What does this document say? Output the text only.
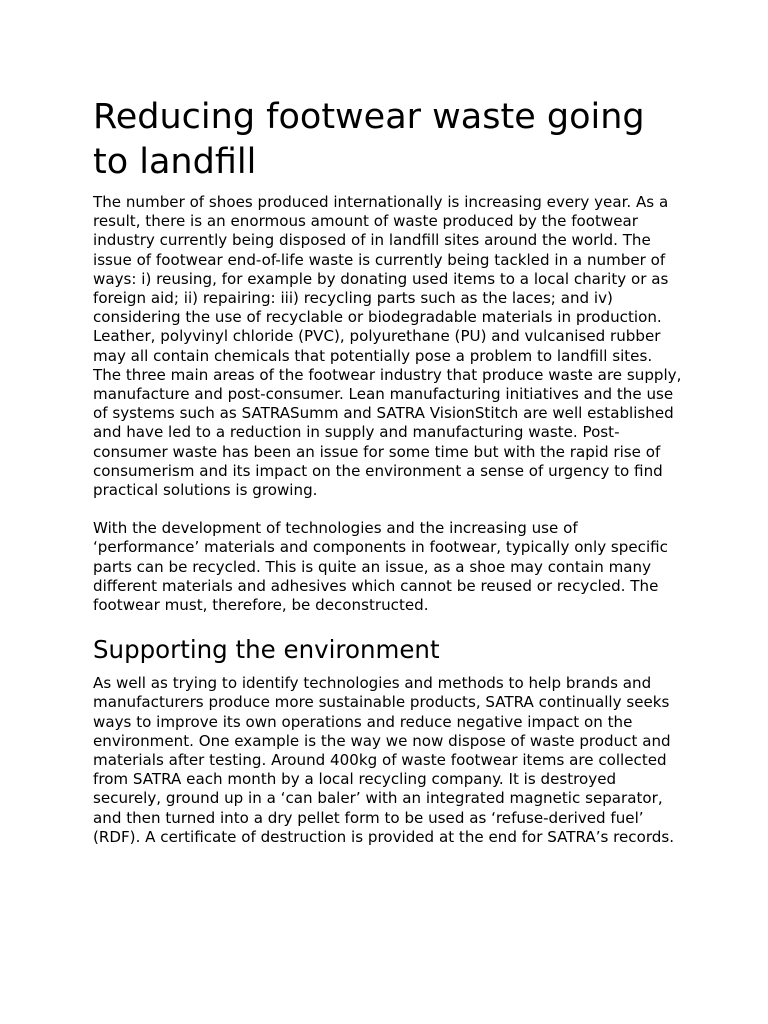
Reducing footwear waste going to landfill

The number of shoes produced internationally is increasing every year. As a result, there is an enormous amount of waste produced by the footwear industry currently being disposed of in landfill sites around the world. The issue of footwear end-of-life waste is currently being tackled in a number of ways: i) reusing, for example by donating used items to a local charity or as foreign aid; ii) repairing: iii) recycling parts such as the laces; and iv) considering the use of recyclable or biodegradable materials in production. Leather, polyvinyl chloride (PVC), polyurethane (PU) and vulcanised rubber may all contain chemicals that potentially pose a problem to landfill sites. The three main areas of the footwear industry that produce waste are supply, manufacture and post-consumer. Lean manufacturing initiatives and the use of systems such as SATRASumm and SATRA VisionStitch are well established and have led to a reduction in supply and manufacturing waste. Post-consumer waste has been an issue for some time but with the rapid rise of consumerism and its impact on the environment a sense of urgency to find practical solutions is growing.

With the development of technologies and the increasing use of ‘performance’ materials and components in footwear, typically only specific parts can be recycled. This is quite an issue, as a shoe may contain many different materials and adhesives which cannot be reused or recycled. The footwear must, therefore, be deconstructed.

Supporting the environment

As well as trying to identify technologies and methods to help brands and manufacturers produce more sustainable products, SATRA continually seeks ways to improve its own operations and reduce negative impact on the environment. One example is the way we now dispose of waste product and materials after testing. Around 400kg of waste footwear items are collected from SATRA each month by a local recycling company. It is destroyed securely, ground up in a ‘can baler’ with an integrated magnetic separator, and then turned into a dry pellet form to be used as ‘refuse-derived fuel’ (RDF). A certificate of destruction is provided at the end for SATRA’s records.
